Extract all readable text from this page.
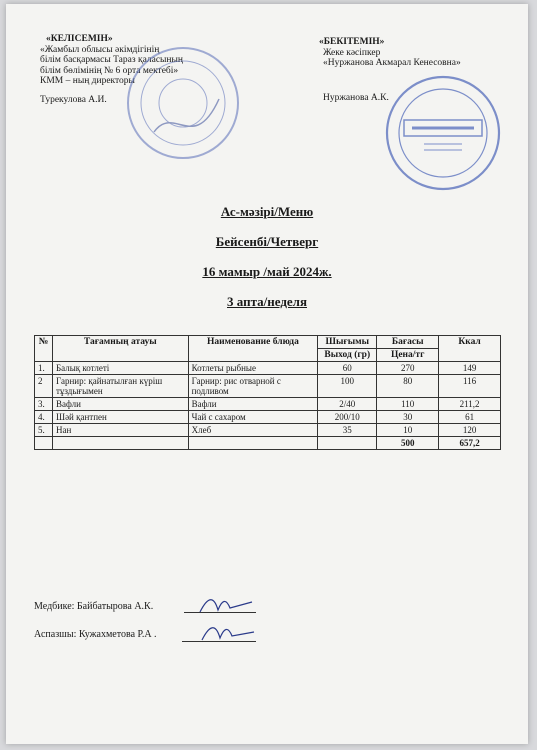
«КЕЛІСЕМІН»
«Жамбыл облысы әкімдігінің
білім басқармасы Тараз қаласының
білім бөлімінің № 6 орта мектебі»
КММ – ның директоры
Турекулова А.И.
«БЕКІТЕМІН»
Жеке кәсіпкер
«Нуржанова Акмарал Кенесовна»
Нуржанова А.К.
Ас-мәзірі/Меню
Бейсенбі/Четверг
16 мамыр /май 2024ж.
3 апта/неделя
№	Тағамның атауы	Наименование блюда	Шығымы	Бағасы	Ккал
			Выход (гр)	Цена/тг	
1.	Балық котлеті	Котлеты рыбные	60	270	149
2	Гарнир: қайнатылған күріш тұздығымен	Гарнир: рис отварной с подливом	100	80	116
3.	Вафли	Вафли	2/40	110	211,2
4.	Шәй қантпен	Чай с сахаром	200/10	30	61
5.	Нан	Хлеб	35	10	120
				500	657,2
Медбике: Байбатырова А.К.
Аспазшы: Кужахметова Р.А .
